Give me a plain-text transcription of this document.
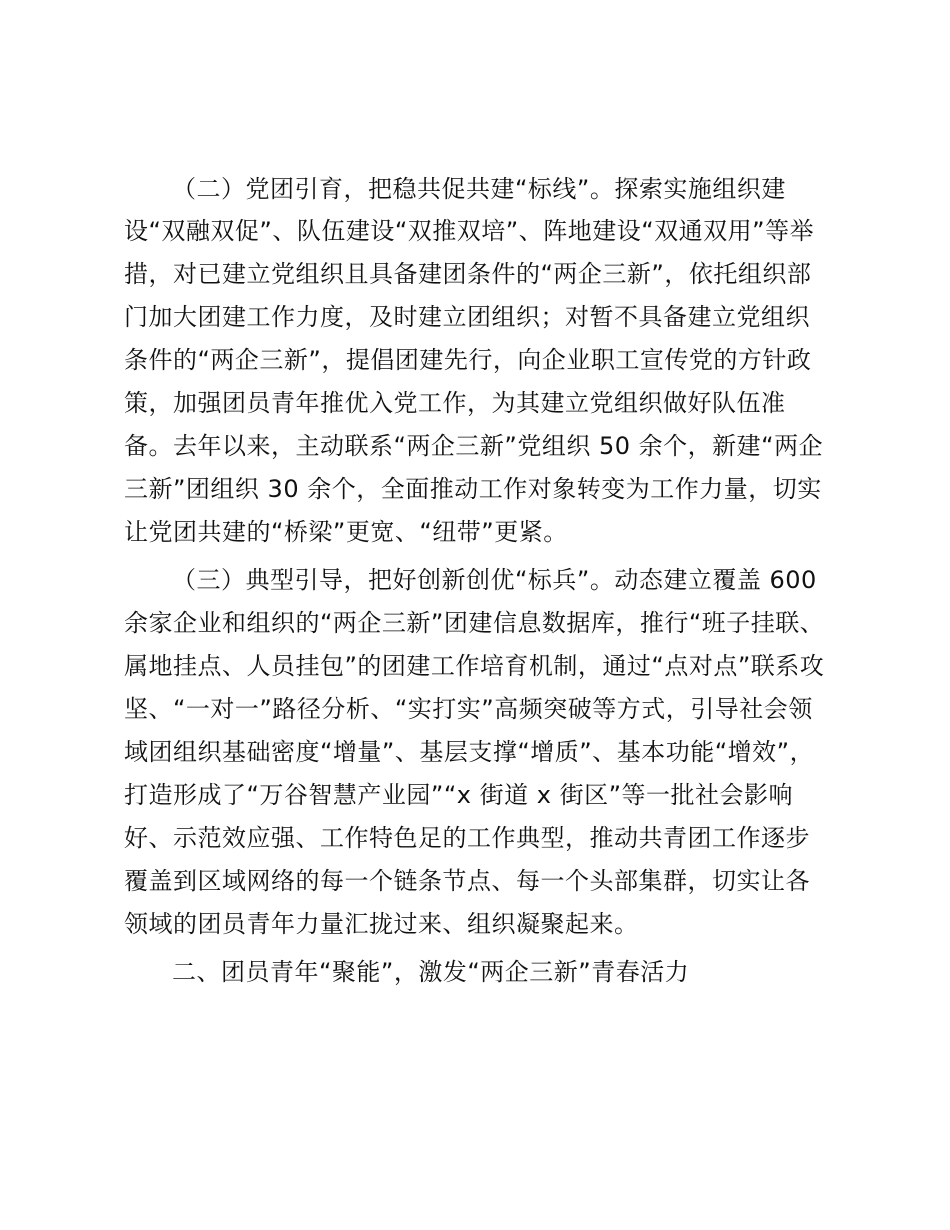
（二）党团引育，把稳共促共建“标线”。探索实施组织建
设“双融双促”、队伍建设“双推双培”、阵地建设“双通双用”等举
措，对已建立党组织且具备建团条件的“两企三新”，依托组织部
门加大团建工作力度，及时建立团组织；对暂不具备建立党组织
条件的“两企三新”，提倡团建先行，向企业职工宣传党的方针政
策，加强团员青年推优入党工作，为其建立党组织做好队伍准
备。去年以来，主动联系“两企三新”党组织 50 余个，新建“两企
三新”团组织 30 余个，全面推动工作对象转变为工作力量，切实
让党团共建的“桥梁”更宽、“纽带”更紧。
（三）典型引导，把好创新创优“标兵”。动态建立覆盖 600
余家企业和组织的“两企三新”团建信息数据库，推行“班子挂联、
属地挂点、人员挂包”的团建工作培育机制，通过“点对点”联系攻
坚、“一对一”路径分析、“实打实”高频突破等方式，引导社会领
域团组织基础密度“增量”、基层支撑“增质”、基本功能“增效”，
打造形成了“万谷智慧产业园”“x 街道 x 街区”等一批社会影响
好、示范效应强、工作特色足的工作典型，推动共青团工作逐步
覆盖到区域网络的每一个链条节点、每一个头部集群，切实让各
领域的团员青年力量汇拢过来、组织凝聚起来。
二、团员青年“聚能”，激发“两企三新”青春活力
